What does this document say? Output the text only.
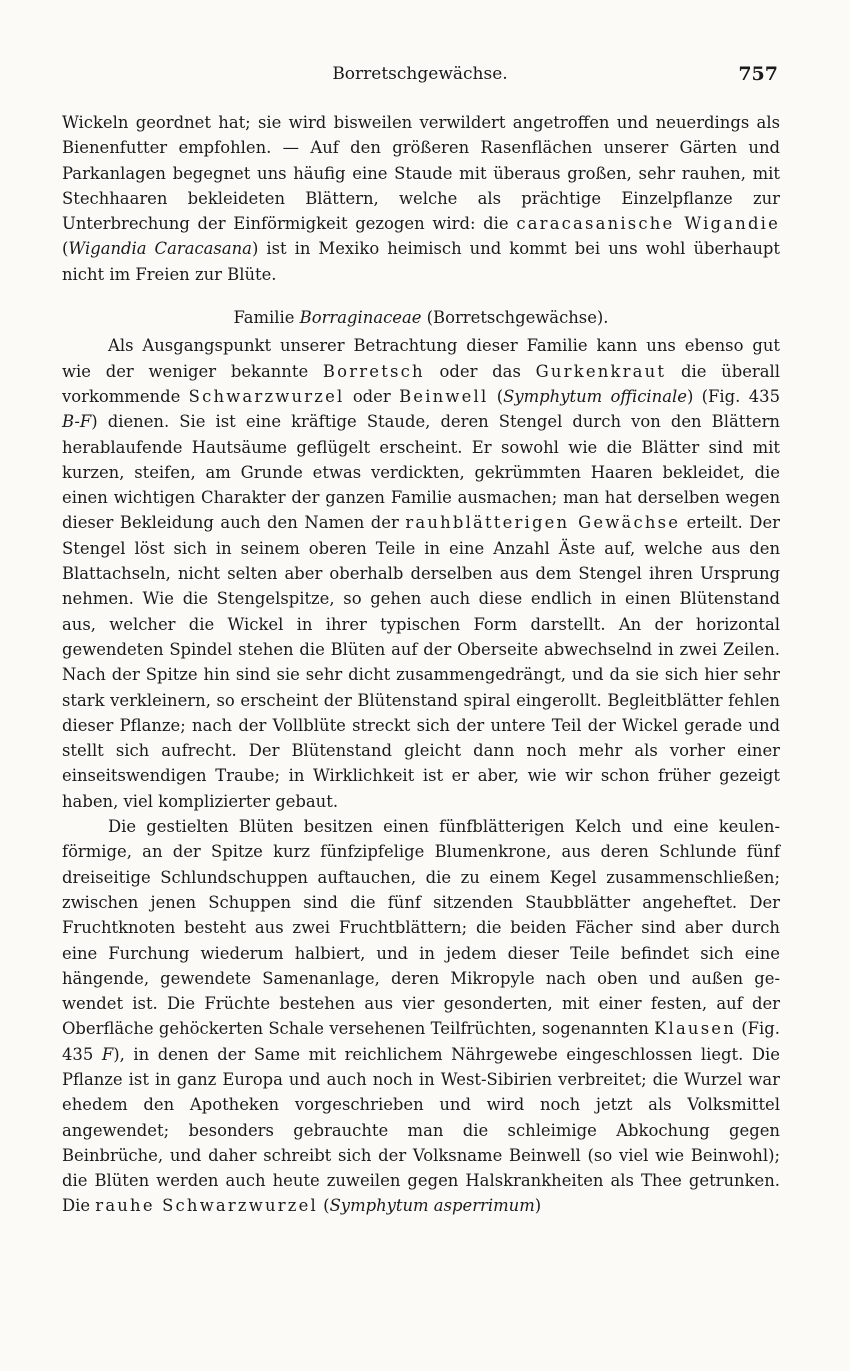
Borretschgewächse.	757

Wickeln geordnet hat; sie wird bisweilen verwildert angetroffen und neuerdings als Bienenfutter empfohlen. — Auf den größeren Rasenflächen unserer Gärten und Parkanlagen begegnet uns häufig eine Staude mit überaus großen, sehr rauhen, mit Stechhaaren bekleideten Blättern, welche als prächtige Einzelpflanze zur Unterbrechung der Einförmigkeit gezogen wird: die caracasanische Wigandie (Wigandia Caracasana) ist in Mexiko heimisch und kommt bei uns wohl überhaupt nicht im Freien zur Blüte.

Familie Borraginaceae (Borretschgewächse).

Als Ausgangspunkt unserer Betrachtung dieser Familie kann uns ebenso gut wie der weniger bekannte Borretsch oder das Gurkenkraut die überall vorkommende Schwarzwurzel oder Beinwell (Symphytum officinale) (Fig. 435 B-F) dienen. Sie ist eine kräftige Staude, deren Stengel durch von den Blättern herablaufende Hautsäume geflügelt erscheint. Er sowohl wie die Blätter sind mit kurzen, steifen, am Grunde etwas verdickten, gekrümmten Haaren bekleidet, die einen wichtigen Charakter der ganzen Familie ausmachen; man hat derselben wegen dieser Bekleidung auch den Namen der rauhblätterigen Gewächse erteilt. Der Stengel löst sich in seinem oberen Teile in eine Anzahl Äste auf, welche aus den Blattachseln, nicht selten aber oberhalb derselben aus dem Stengel ihren Ursprung nehmen. Wie die Stengelspitze, so gehen auch diese endlich in einen Blütenstand aus, welcher die Wickel in ihrer typischen Form darstellt. An der horizontal gewendeten Spindel stehen die Blüten auf der Oberseite abwechselnd in zwei Zeilen. Nach der Spitze hin sind sie sehr dicht zusammengedrängt, und da sie sich hier sehr stark verkleinern, so erscheint der Blütenstand spiral eingerollt. Begleitblätter fehlen dieser Pflanze; nach der Vollblüte streckt sich der untere Teil der Wickel gerade und stellt sich aufrecht. Der Blütenstand gleicht dann noch mehr als vorher einer einseitswendigen Traube; in Wirklichkeit ist er aber, wie wir schon früher gezeigt haben, viel komplizierter gebaut.

Die gestielten Blüten besitzen einen fünfblätterigen Kelch und eine keulenförmige, an der Spitze kurz fünfzipfelige Blumenkrone, aus deren Schlunde fünf dreiseitige Schlundschuppen auftauchen, die zu einem Kegel zusammenschließen; zwischen jenen Schuppen sind die fünf sitzenden Staubblätter angeheftet. Der Fruchtknoten besteht aus zwei Fruchtblättern; die beiden Fächer sind aber durch eine Furchung wiederum halbiert, und in jedem dieser Teile befindet sich eine hängende, gewendete Samenanlage, deren Mikropyle nach oben und außen gewendet ist. Die Früchte bestehen aus vier gesonderten, mit einer festen, auf der Oberfläche gehöckerten Schale versehenen Teilfrüchten, sogenannten Klausen (Fig. 435 F), in denen der Same mit reichlichem Nährgewebe eingeschlossen liegt. Die Pflanze ist in ganz Europa und auch noch in West-Sibirien verbreitet; die Wurzel war ehedem den Apotheken vorgeschrieben und wird noch jetzt als Volksmittel angewendet; besonders gebrauchte man die schleimige Abkochung gegen Beinbrüche, und daher schreibt sich der Volksname Beinwell (so viel wie Beinwohl); die Blüten werden auch heute zuweilen gegen Halskrankheiten als Thee getrunken. Die rauhe Schwarzwurzel (Symphytum asperrimum)
